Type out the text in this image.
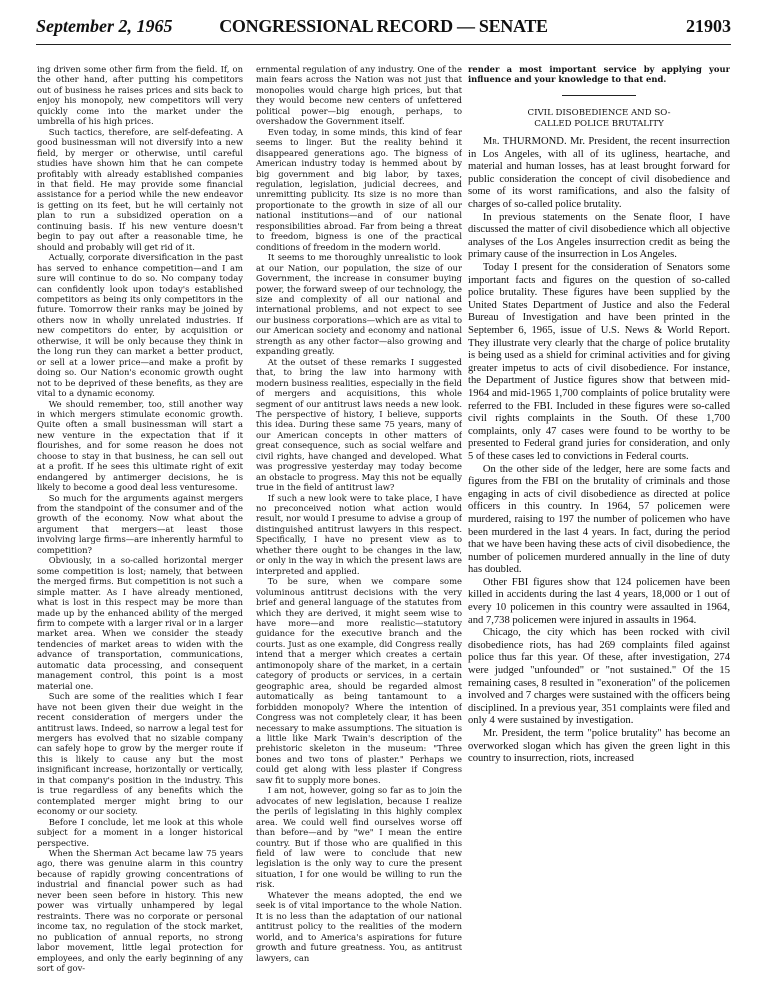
September 2, 1965	CONGRESSIONAL RECORD — SENATE	21903

ing driven some other firm from the field. If, on the other hand, after putting his competitors out of business he raises prices and sits back to enjoy his monopoly, new competitors will very quickly come into the market under the umbrella of his high prices.

Such tactics, therefore, are self-defeating. A good businessman will not diversify into a new field, by merger or otherwise, until careful studies have shown him that he can compete profitably with already established companies in that field. He may provide some financial assistance for a period while the new endeavor is getting on its feet, but he will certainly not plan to run a subsidized operation on a continuing basis. If his new venture doesn't begin to pay out after a reasonable time, he should and probably will get rid of it.

Actually, corporate diversification in the past has served to enhance competition—and I am sure will continue to do so. No company today can confidently look upon today's established competitors as being its only competitors in the future. Tomorrow their ranks may be joined by others now in wholly unrelated industries. If new competitors do enter, by acquisition or otherwise, it will be only because they think in the long run they can market a better product, or sell at a lower price—and make a profit by doing so. Our Nation's economic growth ought not to be deprived of these benefits, as they are vital to a dynamic economy.

We should remember, too, still another way in which mergers stimulate economic growth. Quite often a small businessman will start a new venture in the expectation that if it flourishes, and for some reason he does not choose to stay in that business, he can sell out at a profit. If he sees this ultimate right of exit endangered by antimerger decisions, he is likely to become a good deal less venturesome.

So much for the arguments against mergers from the standpoint of the consumer and of the growth of the economy. Now what about the argument that mergers—at least those involving large firms—are inherently harmful to competition?

Obviously, in a so-called horizontal merger some competition is lost; namely, that between the merged firms. But competition is not such a simple matter. As I have already mentioned, what is lost in this respect may be more than made up by the enhanced ability of the merged firm to compete with a larger rival or in a larger market area. When we consider the steady tendencies of market areas to widen with the advance of transportation, communications, automatic data processing, and consequent management control, this point is a most material one.

Such are some of the realities which I fear have not been given their due weight in the recent consideration of mergers under the antitrust laws. Indeed, so narrow a legal test for mergers has evolved that no sizable company can safely hope to grow by the merger route if this is likely to cause any but the most insignificant increase, horizontally or vertically, in that company's position in the industry. This is true regardless of any benefits which the contemplated merger might bring to our economy or our society.

Before I conclude, let me look at this whole subject for a moment in a longer historical perspective.

When the Sherman Act became law 75 years ago, there was genuine alarm in this country because of rapidly growing concentrations of industrial and financial power such as had never been seen before in history. This new power was virtually unhampered by legal restraints. There was no corporate or personal income tax, no regulation of the stock market, no publication of annual reports, no strong labor movement, little legal protection for employees, and only the early beginning of any sort of gov-

ernmental regulation of any industry. One of the main fears across the Nation was not just that monopolies would charge high prices, but that they would become new centers of unfettered political power—big enough, perhaps, to overshadow the Government itself.

Even today, in some minds, this kind of fear seems to linger. But the reality behind it disappeared generations ago. The bigness of American industry today is hemmed about by big government and big labor, by taxes, regulation, legislation, judicial decrees, and unremitting publicity. Its size is no more than proportionate to the growth in size of all our national institutions—and of our national responsibilities abroad. Far from being a threat to freedom, bigness is one of the practical conditions of freedom in the modern world.

It seems to me thoroughly unrealistic to look at our Nation, our population, the size of our Government, the increase in consumer buying power, the forward sweep of our technology, the size and complexity of all our national and international problems, and not expect to see our business corporations—which are as vital to our American society and economy and national strength as any other factor—also growing and expanding greatly.

At the outset of these remarks I suggested that, to bring the law into harmony with modern business realities, especially in the field of mergers and acquisitions, this whole segment of our antitrust laws needs a new look. The perspective of history, I believe, supports this idea. During these same 75 years, many of our American concepts in other matters of great consequence, such as social welfare and civil rights, have changed and developed. What was progressive yesterday may today become an obstacle to progress. May this not be equally true in the field of antitrust law?

If such a new look were to take place, I have no preconceived notion what action would result, nor would I presume to advise a group of distinguished antitrust lawyers in this respect. Specifically, I have no present view as to whether there ought to be changes in the law, or only in the way in which the present laws are interpreted and applied.

To be sure, when we compare some voluminous antitrust decisions with the very brief and general language of the statutes from which they are derived, it might seem wise to have more—and more realistic—statutory guidance for the executive branch and the courts. Just as one example, did Congress really intend that a merger which creates a certain antimonopoly share of the market, in a certain category of products or services, in a certain geographic area, should be regarded almost automatically as being tantamount to a forbidden monopoly? Where the intention of Congress was not completely clear, it has been necessary to make assumptions. The situation is a little like Mark Twain's description of the prehistoric skeleton in the museum: "Three bones and two tons of plaster." Perhaps we could get along with less plaster if Congress saw fit to supply more bones.

I am not, however, going so far as to join the advocates of new legislation, because I realize the perils of legislating in this highly complex area. We could well find ourselves worse off than before—and by "we" I mean the entire country. But if those who are qualified in this field of law were to conclude that new legislation is the only way to cure the present situation, I for one would be willing to run the risk.

Whatever the means adopted, the end we seek is of vital importance to the whole Nation. It is no less than the adaptation of our national antitrust policy to the realities of the modern world, and to America's aspirations for future growth and future greatness. You, as antitrust lawyers, can

render a most important service by applying your influence and your knowledge to that end.

CIVIL DISOBEDIENCE AND SO-
CALLED POLICE BRUTALITY

Mr. THURMOND. Mr. President, the recent insurrection in Los Angeles, with all of its ugliness, heartache, and material and human losses, has at least brought forward for public consideration the concept of civil disobedience and some of its worst ramifications, and also the falsity of charges of so-called police brutality.

In previous statements on the Senate floor, I have discussed the matter of civil disobedience which all objective analyses of the Los Angeles insurrection credit as being the primary cause of the insurrection in Los Angeles.

Today I present for the consideration of Senators some important facts and figures on the question of so-called police brutality. These figures have been supplied by the United States Department of Justice and also the Federal Bureau of Investigation and have been printed in the September 6, 1965, issue of U.S. News & World Report. They illustrate very clearly that the charge of police brutality is being used as a shield for criminal activities and for giving greater impetus to acts of civil disobedience. For instance, the Department of Justice figures show that between mid-1964 and mid-1965 1,700 complaints of police brutality were referred to the FBI. Included in these figures were so-called civil rights complaints in the South. Of these 1,700 complaints, only 47 cases were found to be worthy to be presented to Federal grand juries for consideration, and only 5 of these cases led to convictions in Federal courts.

On the other side of the ledger, here are some facts and figures from the FBI on the brutality of criminals and those engaging in acts of civil disobedience as directed at police officers in this country. In 1964, 57 policemen were murdered, raising to 197 the number of policemen who have been murdered in the last 4 years. In fact, during the period that we have been having these acts of civil disobedience, the number of policemen murdered annually in the line of duty has doubled.

Other FBI figures show that 124 policemen have been killed in accidents during the last 4 years, 18,000 or 1 out of every 10 policemen in this country were assaulted in 1964, and 7,738 policemen were injured in assaults in 1964.

Chicago, the city which has been rocked with civil disobedience riots, has had 269 complaints filed against police thus far this year. Of these, after investigation, 274 were judged "unfounded" or "not sustained." Of the 15 remaining cases, 8 resulted in "exoneration" of the policemen involved and 7 charges were sustained with the officers being disciplined. In a previous year, 351 complaints were filed and only 4 were sustained by investigation.

Mr. President, the term "police brutality" has become an overworked slogan which has given the green light in this country to insurrection, riots, increased
